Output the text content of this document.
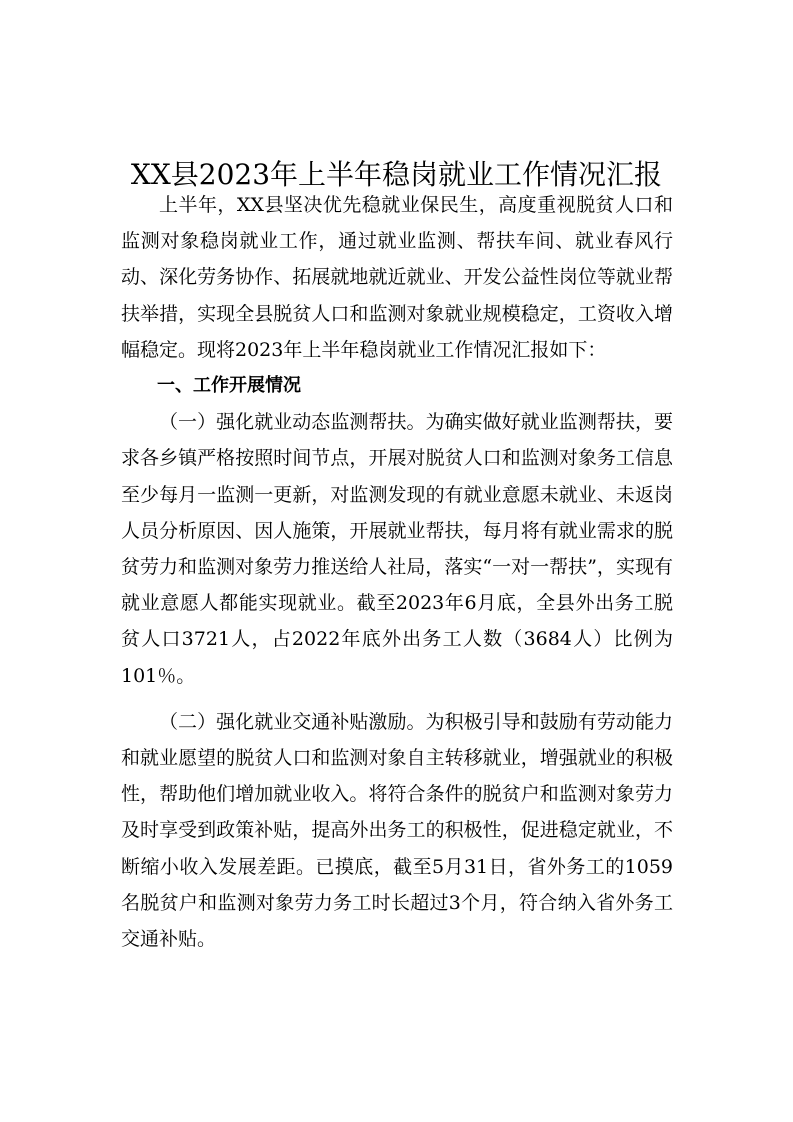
XX县2023年上半年稳岗就业工作情况汇报

上半年，XX县坚决优先稳就业保民生，高度重视脱贫人口和监测对象稳岗就业工作，通过就业监测、帮扶车间、就业春风行动、深化劳务协作、拓展就地就近就业、开发公益性岗位等就业帮扶举措，实现全县脱贫人口和监测对象就业规模稳定，工资收入增幅稳定。现将2023年上半年稳岗就业工作情况汇报如下：

一、工作开展情况

（一）强化就业动态监测帮扶。为确实做好就业监测帮扶，要求各乡镇严格按照时间节点，开展对脱贫人口和监测对象务工信息至少每月一监测一更新，对监测发现的有就业意愿未就业、未返岗人员分析原因、因人施策，开展就业帮扶，每月将有就业需求的脱贫劳力和监测对象劳力推送给人社局，落实“一对一帮扶”，实现有就业意愿人都能实现就业。截至2023年6月底，全县外出务工脱贫人口3721人，占2022年底外出务工人数（3684人）比例为101％。

（二）强化就业交通补贴激励。为积极引导和鼓励有劳动能力和就业愿望的脱贫人口和监测对象自主转移就业，增强就业的积极性，帮助他们增加就业收入。将符合条件的脱贫户和监测对象劳力及时享受到政策补贴，提高外出务工的积极性，促进稳定就业，不断缩小收入发展差距。已摸底，截至5月31日，省外务工的1059名脱贫户和监测对象劳力务工时长超过3个月，符合纳入省外务工交通补贴。
